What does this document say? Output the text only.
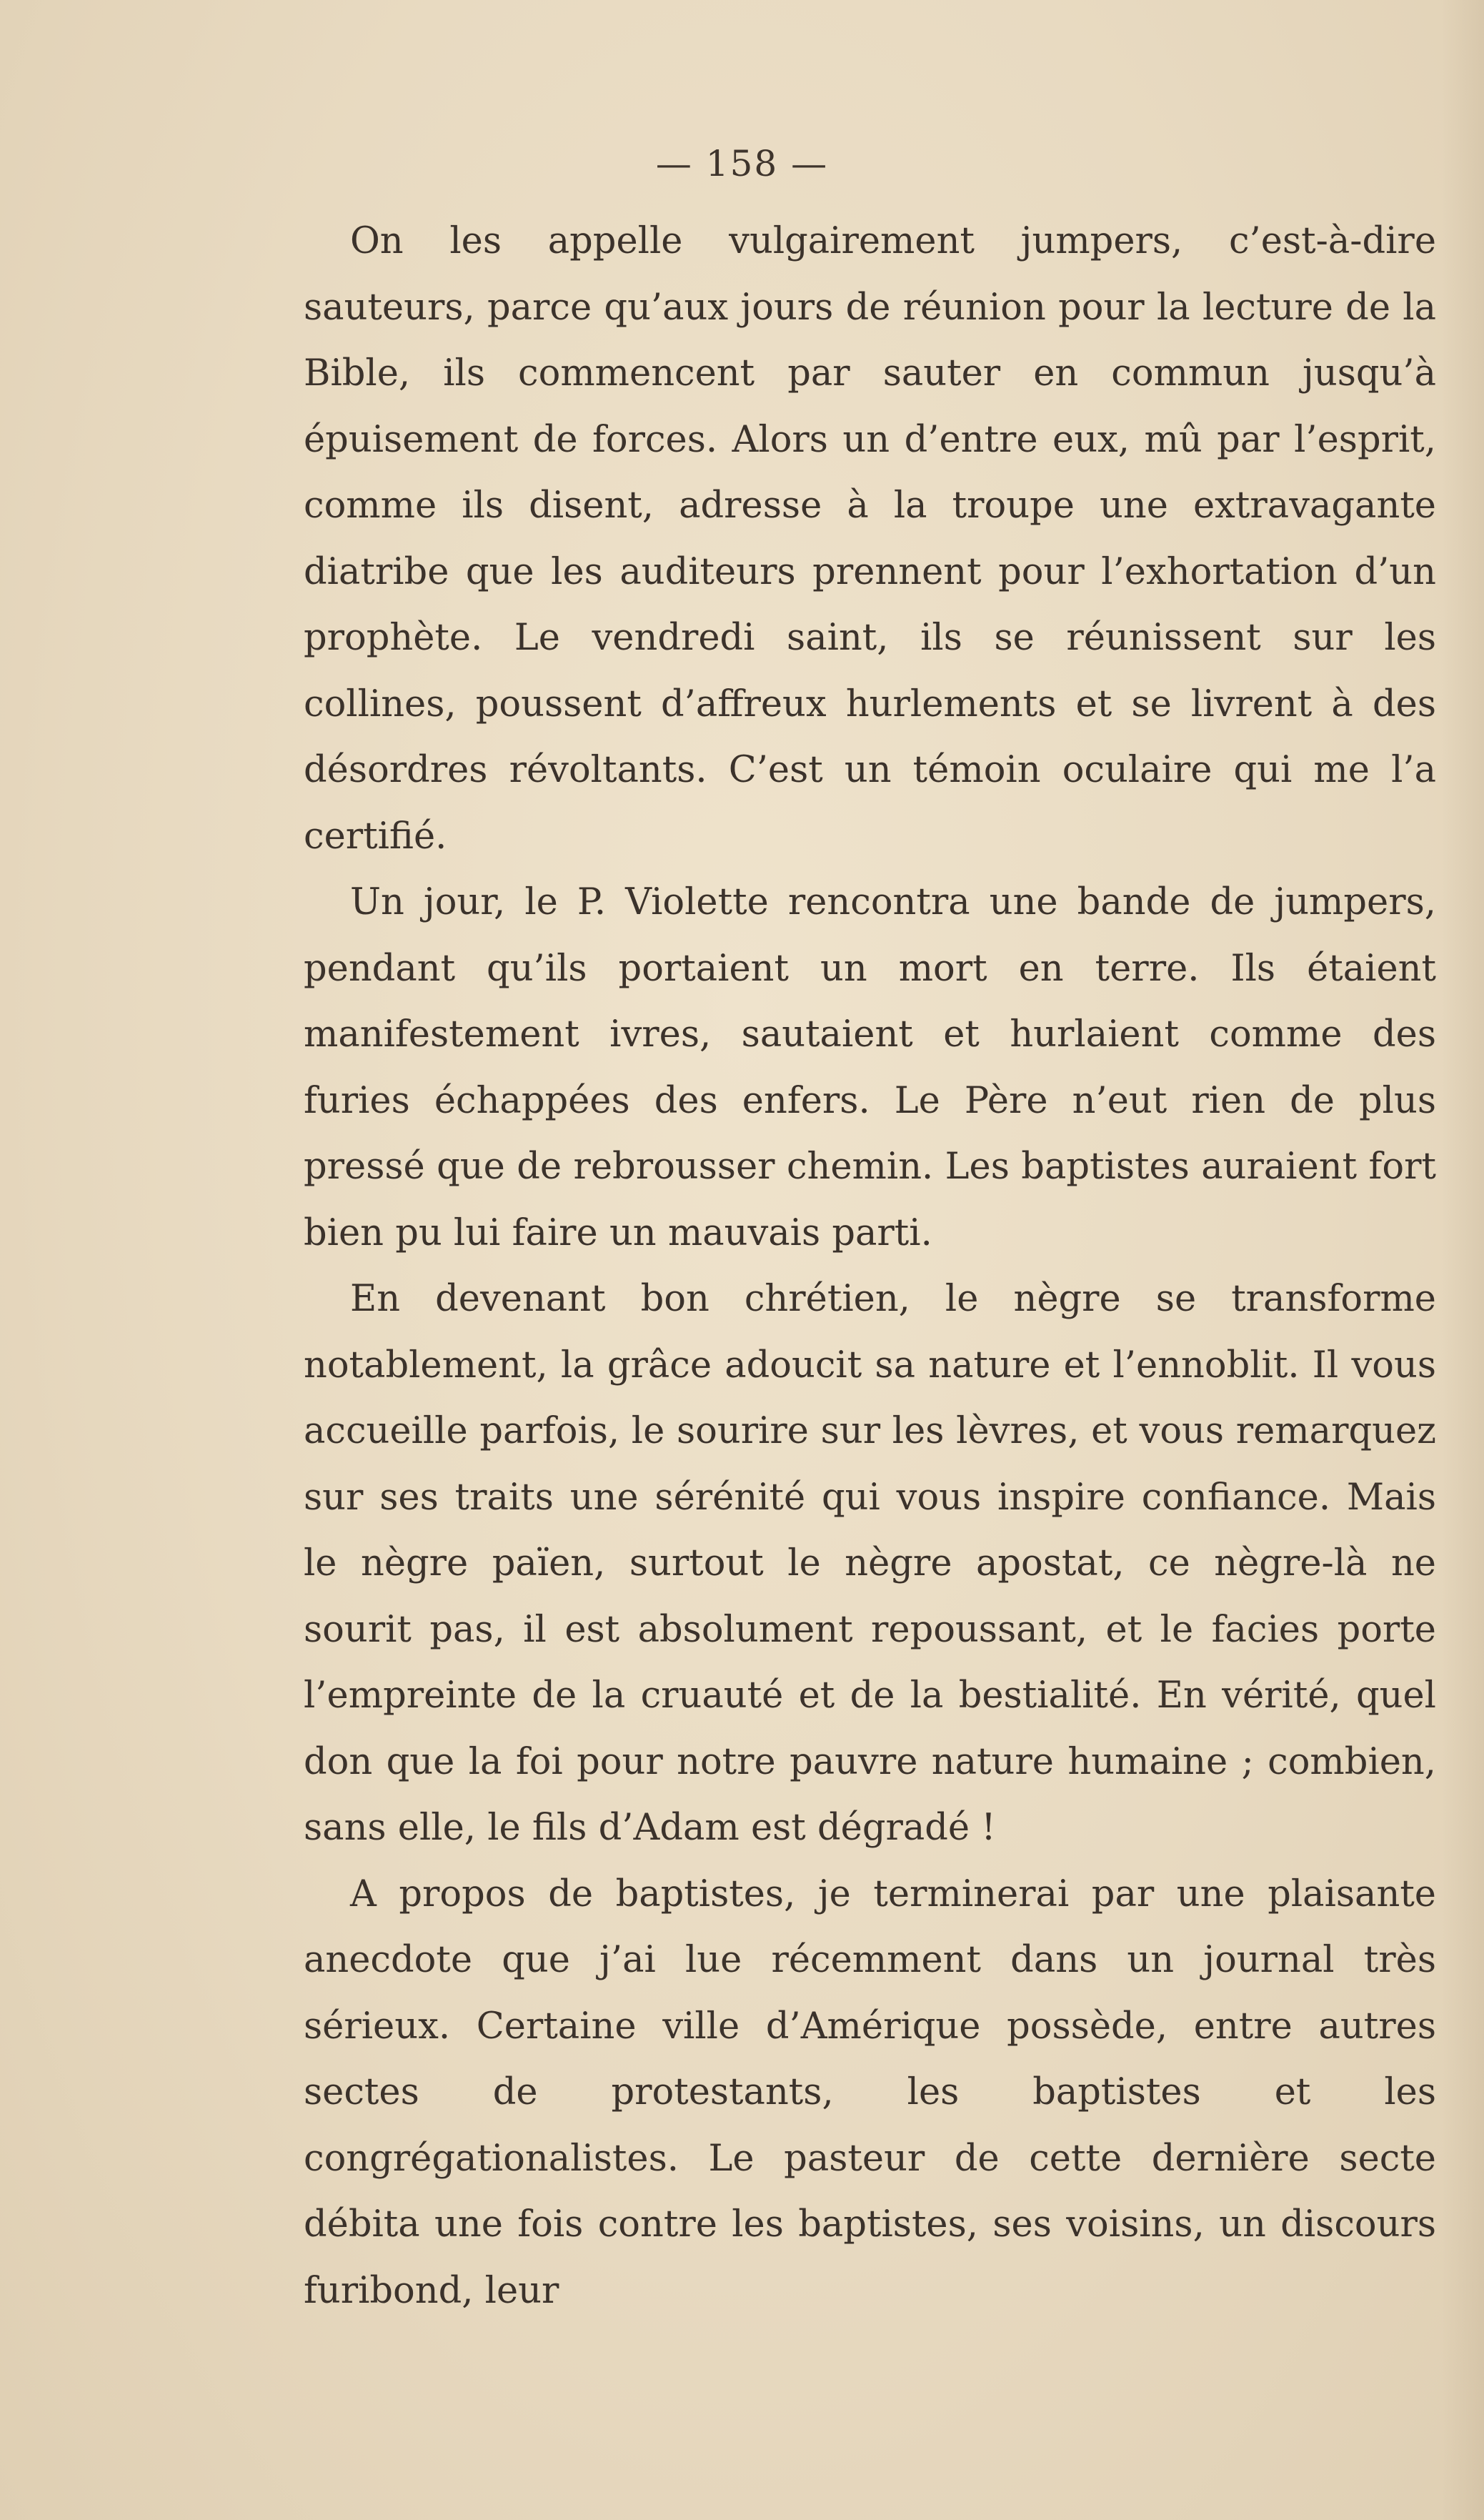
— 158 —

On les appelle vulgairement jumpers, c’est-à-dire sauteurs, parce qu’aux jours de réunion pour la lecture de la Bible, ils commencent par sauter en commun jusqu’à épuisement de forces. Alors un d’entre eux, mû par l’esprit, comme ils disent, adresse à la troupe une extravagante diatribe que les auditeurs prennent pour l’exhortation d’un prophète. Le vendredi saint, ils se réunissent sur les collines, poussent d’affreux hurlements et se livrent à des désordres révoltants. C’est un témoin oculaire qui me l’a certifié.

Un jour, le P. Violette rencontra une bande de jumpers, pendant qu’ils portaient un mort en terre. Ils étaient manifestement ivres, sautaient et hurlaient comme des furies échappées des enfers. Le Père n’eut rien de plus pressé que de rebrousser chemin. Les baptistes auraient fort bien pu lui faire un mauvais parti.

En devenant bon chrétien, le nègre se transforme notablement, la grâce adoucit sa nature et l’ennoblit. Il vous accueille parfois, le sourire sur les lèvres, et vous remarquez sur ses traits une sérénité qui vous inspire confiance. Mais le nègre païen, surtout le nègre apostat, ce nègre-là ne sourit pas, il est absolument repoussant, et le facies porte l’empreinte de la cruauté et de la bestialité. En vérité, quel don que la foi pour notre pauvre nature humaine ; combien, sans elle, le fils d’Adam est dégradé !

A propos de baptistes, je terminerai par une plaisante anecdote que j’ai lue récemment dans un journal très sérieux. Certaine ville d’Amérique possède, entre autres sectes de protestants, les baptistes et les congrégationalistes. Le pasteur de cette dernière secte débita une fois contre les baptistes, ses voisins, un discours furibond, leur
